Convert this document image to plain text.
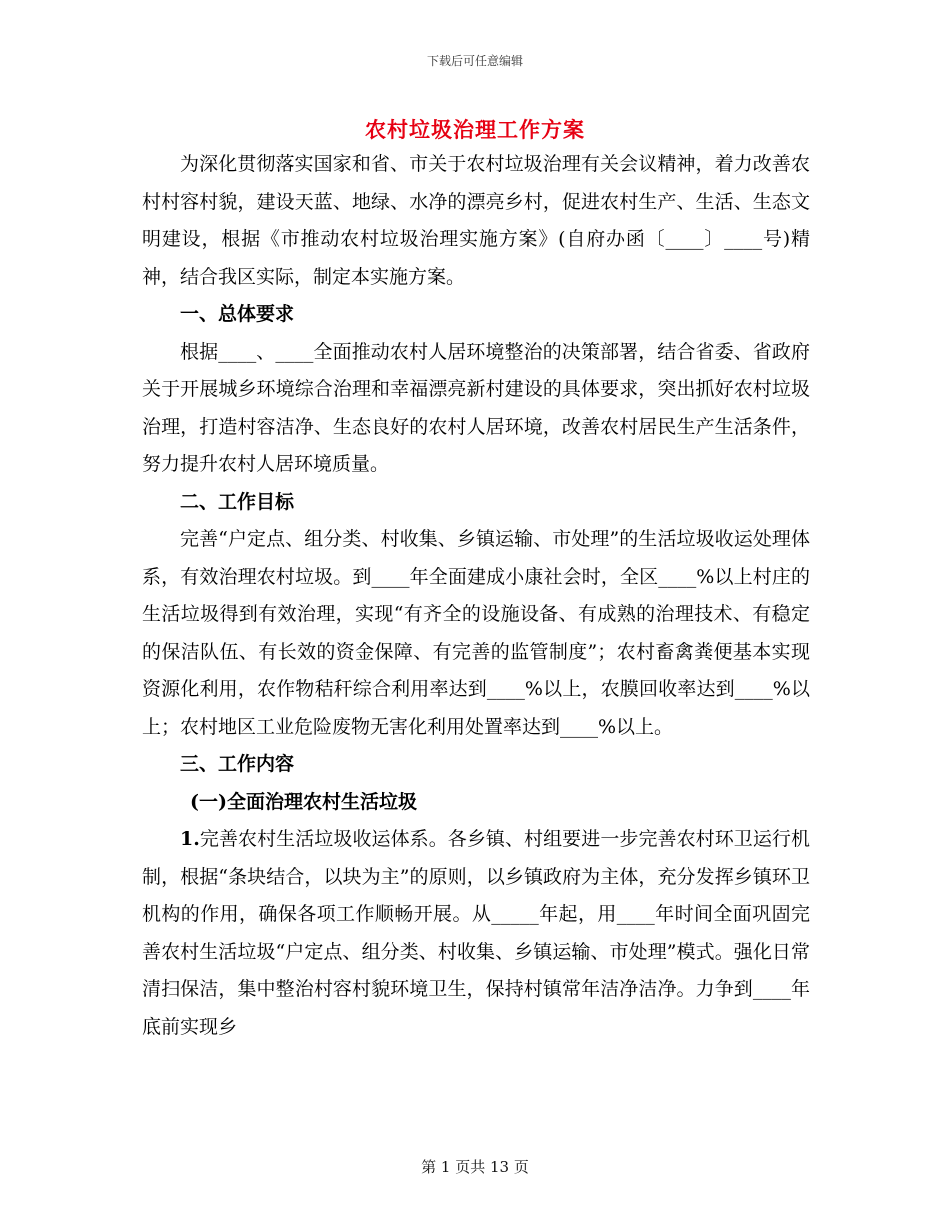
下载后可任意编辑
农村垃圾治理工作方案

为深化贯彻落实国家和省、市关于农村垃圾治理有关会议精神，着力改善农村村容村貌，建设天蓝、地绿、水净的漂亮乡村，促进农村生产、生活、生态文明建设，根据《市推动农村垃圾治理实施方案》(自府办函〔____〕____号)精神，结合我区实际，制定本实施方案。

一、总体要求

根据____、____全面推动农村人居环境整治的决策部署，结合省委、省政府关于开展城乡环境综合治理和幸福漂亮新村建设的具体要求，突出抓好农村垃圾治理，打造村容洁净、生态良好的农村人居环境，改善农村居民生产生活条件，努力提升农村人居环境质量。

二、工作目标

完善“户定点、组分类、村收集、乡镇运输、市处理”的生活垃圾收运处理体系，有效治理农村垃圾。到____年全面建成小康社会时，全区____%以上村庄的生活垃圾得到有效治理，实现“有齐全的设施设备、有成熟的治理技术、有稳定的保洁队伍、有长效的资金保障、有完善的监管制度”；农村畜禽粪便基本实现资源化利用，农作物秸秆综合利用率达到____%以上，农膜回收率达到____%以上；农村地区工业危险废物无害化利用处置率达到____%以上。

三、工作内容

(一)全面治理农村生活垃圾

1.完善农村生活垃圾收运体系。各乡镇、村组要进一步完善农村环卫运行机制，根据“条块结合，以块为主”的原则，以乡镇政府为主体，充分发挥乡镇环卫机构的作用，确保各项工作顺畅开展。从_____年起，用____年时间全面巩固完善农村生活垃圾“户定点、组分类、村收集、乡镇运输、市处理”模式。强化日常清扫保洁，集中整治村容村貌环境卫生，保持村镇常年洁净洁净。力争到____年底前实现乡

第 1 页共 13 页
